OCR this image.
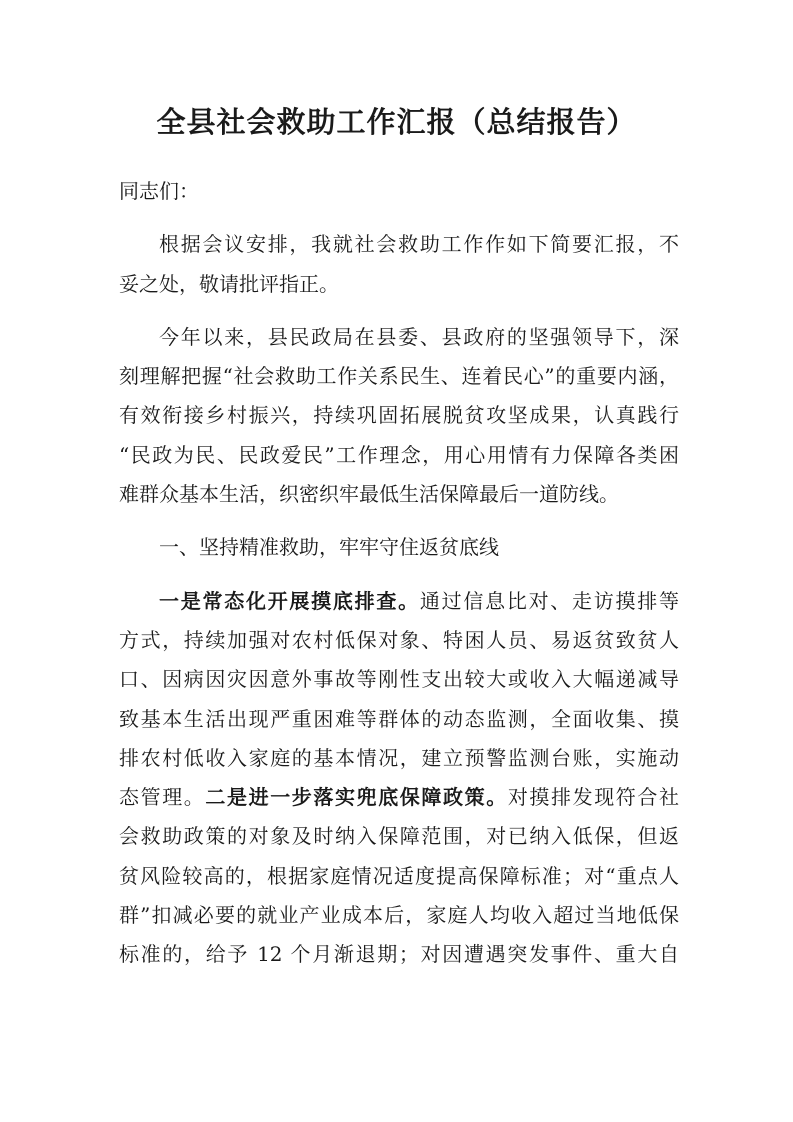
全县社会救助工作汇报（总结报告）
同志们：
根据会议安排，我就社会救助工作作如下简要汇报，不
妥之处，敬请批评指正。
今年以来，县民政局在县委、县政府的坚强领导下，深
刻理解把握“社会救助工作关系民生、连着民心”的重要内涵，
有效衔接乡村振兴，持续巩固拓展脱贫攻坚成果，认真践行
“民政为民、民政爱民”工作理念，用心用情有力保障各类困
难群众基本生活，织密织牢最低生活保障最后一道防线。
一、坚持精准救助，牢牢守住返贫底线
一是常态化开展摸底排查。通过信息比对、走访摸排等
方式，持续加强对农村低保对象、特困人员、易返贫致贫人
口、因病因灾因意外事故等刚性支出较大或收入大幅递减导
致基本生活出现严重困难等群体的动态监测，全面收集、摸
排农村低收入家庭的基本情况，建立预警监测台账，实施动
态管理。二是进一步落实兜底保障政策。对摸排发现符合社
会救助政策的对象及时纳入保障范围，对已纳入低保，但返
贫风险较高的，根据家庭情况适度提高保障标准；对“重点人
群”扣减必要的就业产业成本后，家庭人均收入超过当地低保
标准的，给予 12 个月渐退期；对因遭遇突发事件、重大自
